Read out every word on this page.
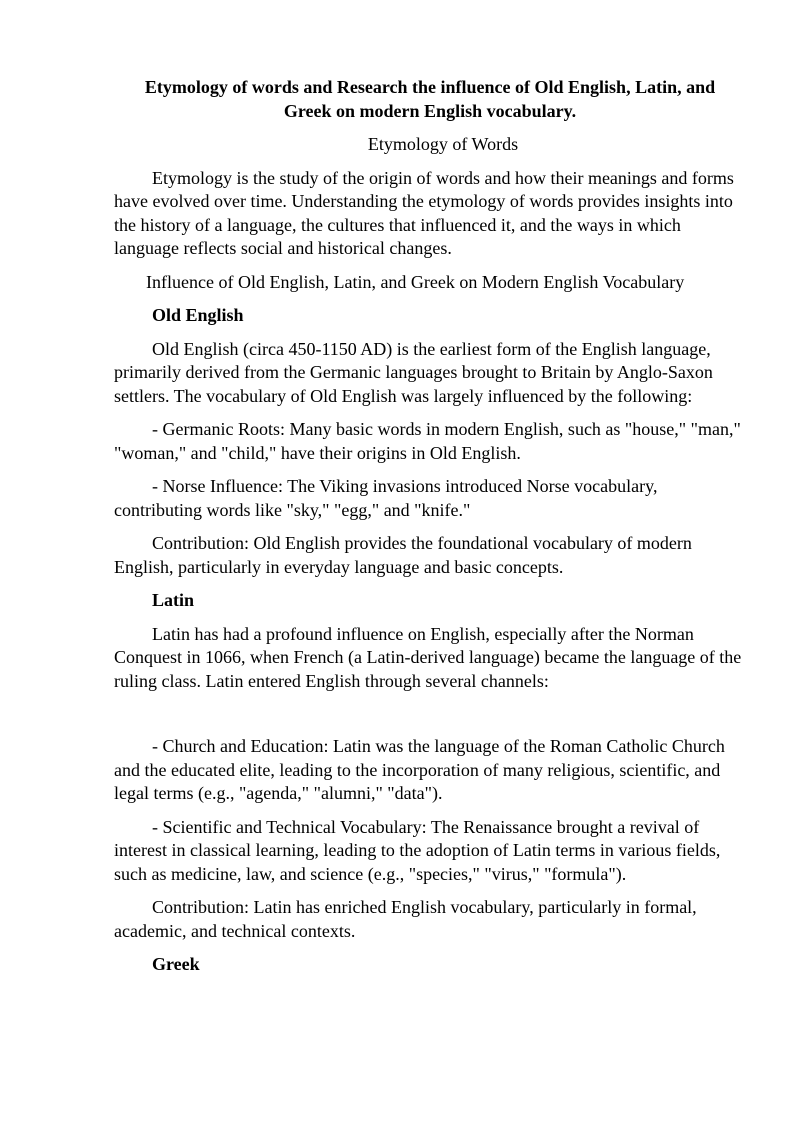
Etymology of words and Research the influence of Old English, Latin, and Greek on modern English vocabulary.

Etymology of Words

Etymology is the study of the origin of words and how their meanings and forms have evolved over time. Understanding the etymology of words provides insights into the history of a language, the cultures that influenced it, and the ways in which language reflects social and historical changes.

Influence of Old English, Latin, and Greek on Modern English Vocabulary

Old English

Old English (circa 450-1150 AD) is the earliest form of the English language, primarily derived from the Germanic languages brought to Britain by Anglo-Saxon settlers. The vocabulary of Old English was largely influenced by the following:

- Germanic Roots: Many basic words in modern English, such as "house," "man," "woman," and "child," have their origins in Old English.

- Norse Influence: The Viking invasions introduced Norse vocabulary, contributing words like "sky," "egg," and "knife."

Contribution: Old English provides the foundational vocabulary of modern English, particularly in everyday language and basic concepts.

Latin

Latin has had a profound influence on English, especially after the Norman Conquest in 1066, when French (a Latin-derived language) became the language of the ruling class. Latin entered English through several channels:

- Church and Education: Latin was the language of the Roman Catholic Church and the educated elite, leading to the incorporation of many religious, scientific, and legal terms (e.g., "agenda," "alumni," "data").

- Scientific and Technical Vocabulary: The Renaissance brought a revival of interest in classical learning, leading to the adoption of Latin terms in various fields, such as medicine, law, and science (e.g., "species," "virus," "formula").

Contribution: Latin has enriched English vocabulary, particularly in formal, academic, and technical contexts.

Greek
